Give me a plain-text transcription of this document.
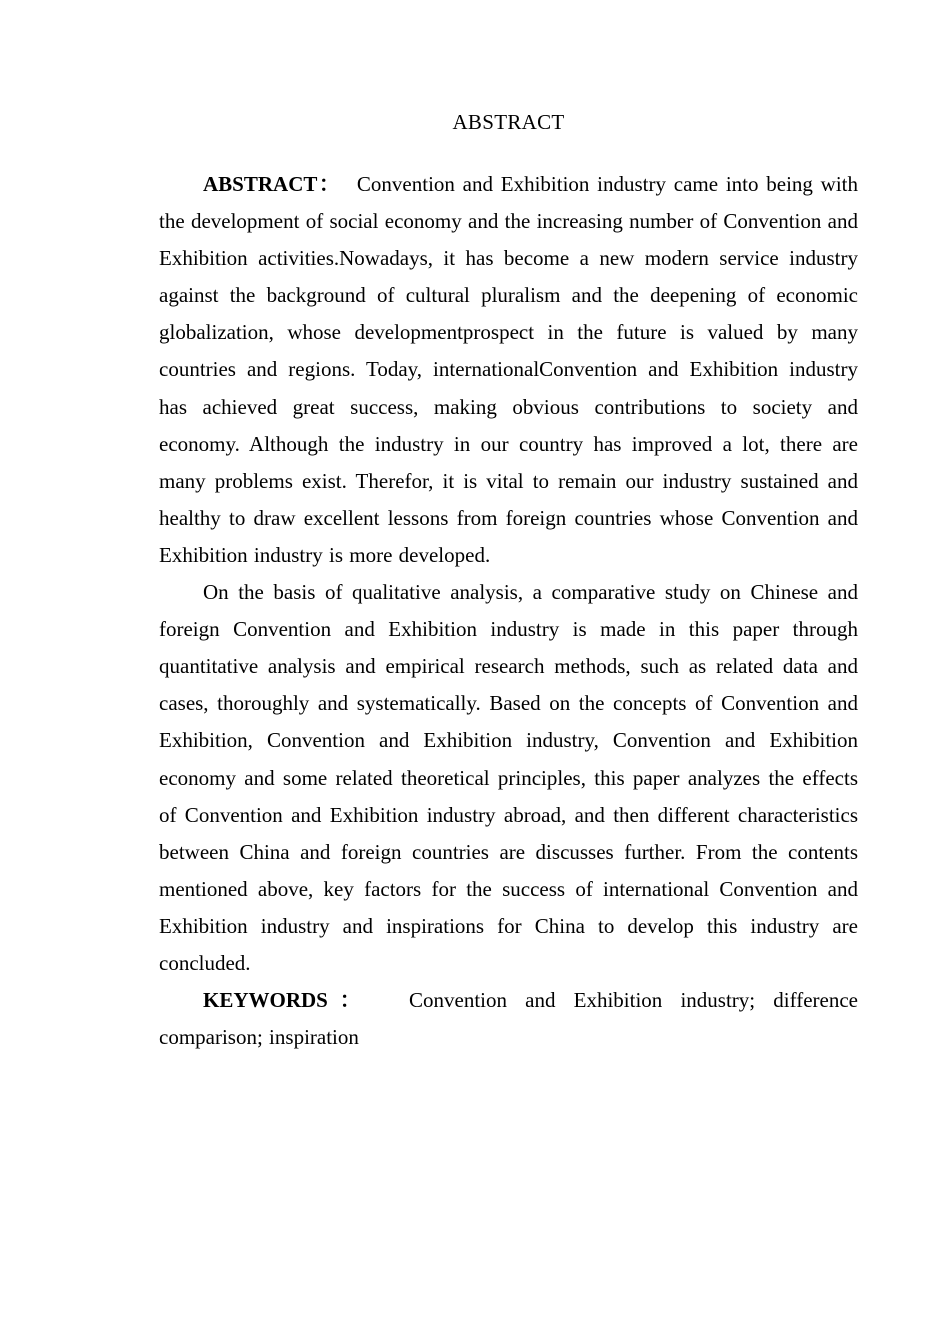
ABSTRACT

ABSTRACT： Convention and Exhibition industry came into being with the development of social economy and the increasing number of Convention and Exhibition activities.Nowadays, it has become a new modern service industry against the background of cultural pluralism and the deepening of economic globalization, whose developmentprospect in the future is valued by many countries and regions. Today, internationalConvention and Exhibition industry has achieved great success, making obvious contributions to society and economy. Although the industry in our country has improved a lot, there are many problems exist. Therefor, it is vital to remain our industry sustained and healthy to draw excellent lessons from foreign countries whose Convention and Exhibition industry is more developed.

On the basis of qualitative analysis, a comparative study on Chinese and foreign Convention and Exhibition industry is made in this paper through quantitative analysis and empirical research methods, such as related data and cases, thoroughly and systematically. Based on the concepts of Convention and Exhibition, Convention and Exhibition industry, Convention and Exhibition economy and some related theoretical principles, this paper analyzes the effects of Convention and Exhibition industry abroad, and then different characteristics between China and foreign countries are discusses further. From the contents mentioned above, key factors for the success of international Convention and Exhibition industry and inspirations for China to develop this industry are concluded.

KEYWORDS： Convention and Exhibition industry; difference comparison; inspiration
